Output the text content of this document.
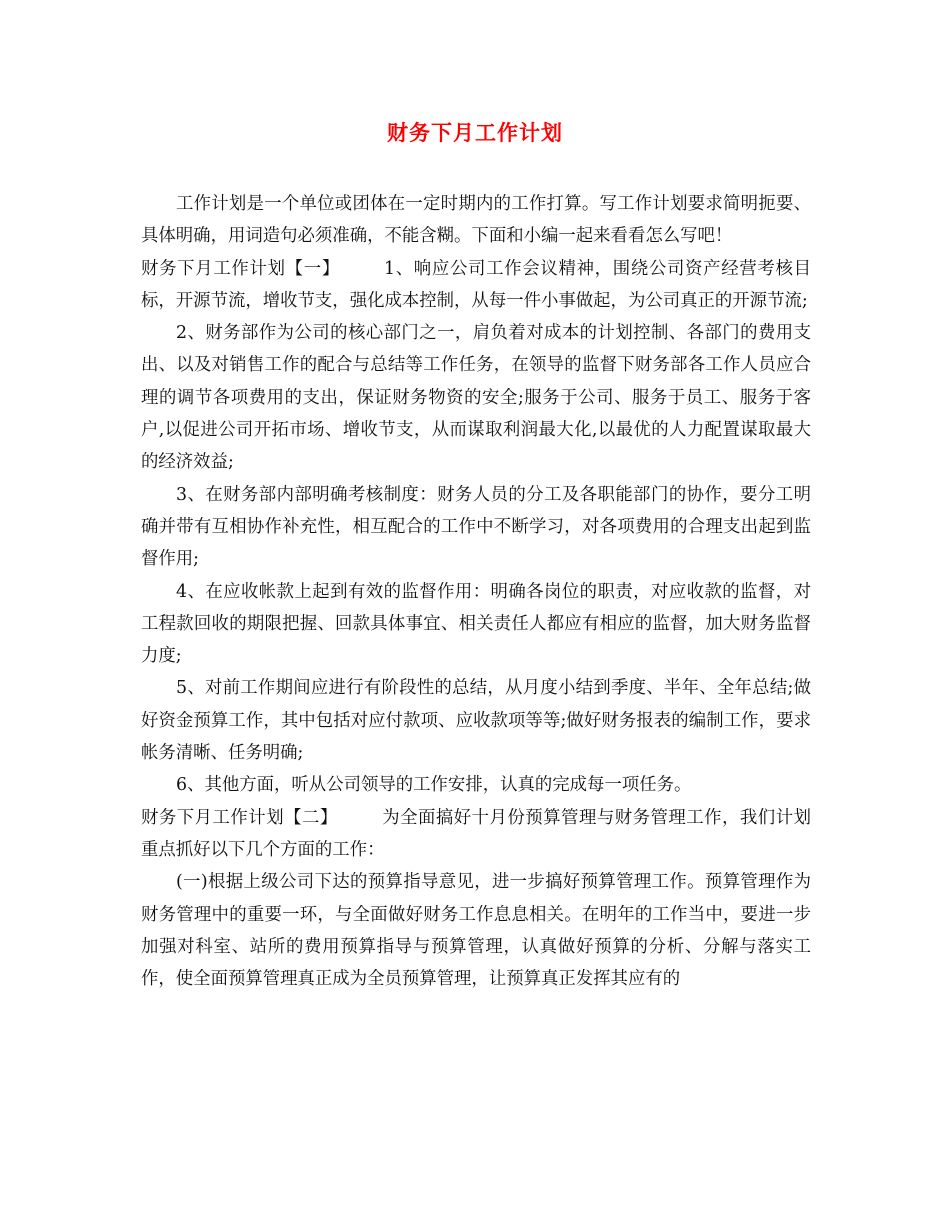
财务下月工作计划

工作计划是一个单位或团体在一定时期内的工作打算。写工作计划要求简明扼要、具体明确，用词造句必须准确，不能含糊。下面和小编一起来看看怎么写吧！

财务下月工作计划【一】	1、响应公司工作会议精神，围绕公司资产经营考核目标，开源节流，增收节支，强化成本控制，从每一件小事做起，为公司真正的开源节流;

2、财务部作为公司的核心部门之一，肩负着对成本的计划控制、各部门的费用支出、以及对销售工作的配合与总结等工作任务，在领导的监督下财务部各工作人员应合理的调节各项费用的支出，保证财务物资的安全;服务于公司、服务于员工、服务于客户,以促进公司开拓市场、增收节支，从而谋取利润最大化,以最优的人力配置谋取最大的经济效益;

3、在财务部内部明确考核制度：财务人员的分工及各职能部门的协作，要分工明确并带有互相协作补充性，相互配合的工作中不断学习，对各项费用的合理支出起到监督作用;

4、在应收帐款上起到有效的监督作用：明确各岗位的职责，对应收款的监督，对工程款回收的期限把握、回款具体事宜、相关责任人都应有相应的监督，加大财务监督力度;

5、对前工作期间应进行有阶段性的总结，从月度小结到季度、半年、全年总结;做好资金预算工作，其中包括对应付款项、应收款项等等;做好财务报表的编制工作，要求帐务清晰、任务明确;

6、其他方面，听从公司领导的工作安排，认真的完成每一项任务。

财务下月工作计划【二】	为全面搞好十月份预算管理与财务管理工作，我们计划重点抓好以下几个方面的工作：

(一)根据上级公司下达的预算指导意见，进一步搞好预算管理工作。预算管理作为财务管理中的重要一环，与全面做好财务工作息息相关。在明年的工作当中，要进一步加强对科室、站所的费用预算指导与预算管理，认真做好预算的分析、分解与落实工作，使全面预算管理真正成为全员预算管理，让预算真正发挥其应有的
